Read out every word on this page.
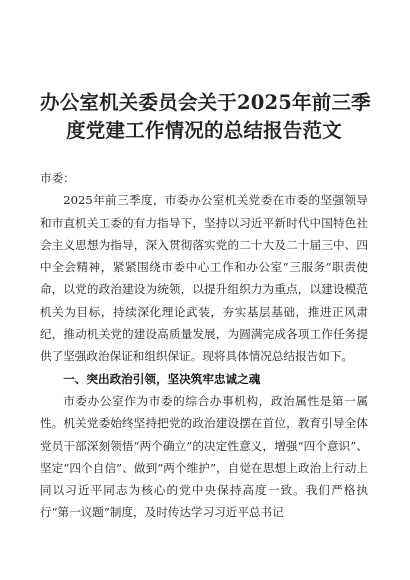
办公室机关委员会关于2025年前三季
度党建工作情况的总结报告范文

市委：

2025年前三季度，市委办公室机关党委在市委的坚强领导和市直机关工委的有力指导下，坚持以习近平新时代中国特色社会主义思想为指导，深入贯彻落实党的二十大及二十届三中、四中全会精神，紧紧围绕市委中心工作和办公室“三服务”职责使命，以党的政治建设为统领，以提升组织力为重点，以建设模范机关为目标，持续深化理论武装，夯实基层基础，推进正风肃纪，推动机关党的建设高质量发展，为圆满完成各项工作任务提供了坚强政治保证和组织保证。现将具体情况总结报告如下。

一、突出政治引领，坚决筑牢忠诚之魂

市委办公室作为市委的综合办事机构，政治属性是第一属性。机关党委始终坚持把党的政治建设摆在首位，教育引导全体党员干部深刻领悟“两个确立”的决定性意义，增强“四个意识”、坚定“四个自信”、做到“两个维护”，自觉在思想上政治上行动上同以习近平同志为核心的党中央保持高度一致。我们严格执行“第一议题”制度，及时传达学习习近平总书记
